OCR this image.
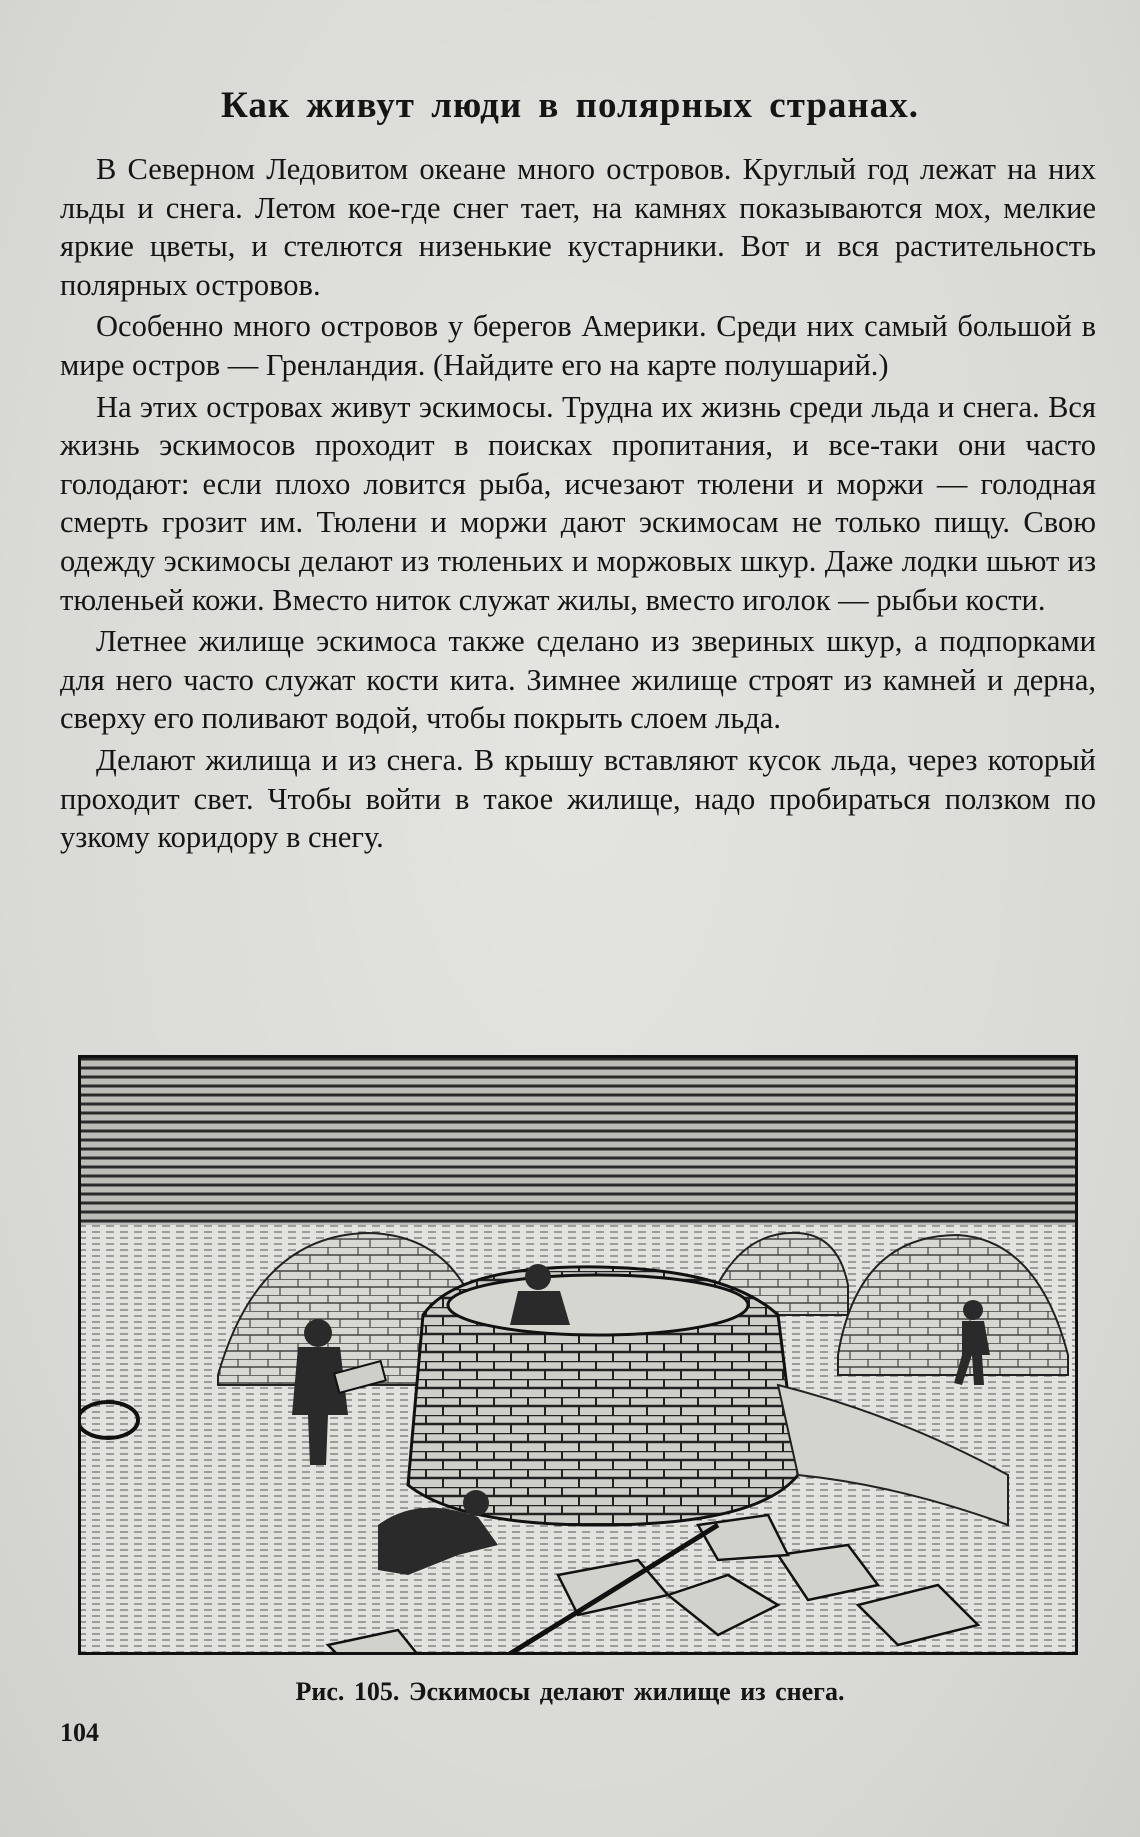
Как живут люди в полярных странах.

В Северном Ледовитом океане много островов. Круглый год лежат на них льды и снега. Летом кое-где снег тает, на камнях показываются мох, мелкие яркие цветы, и стелются низенькие кустарники. Вот и вся растительность полярных островов.

Особенно много островов у берегов Америки. Среди них самый большой в мире остров — Гренландия. (Найдите его на карте полушарий.)

На этих островах живут эскимосы. Трудна их жизнь среди льда и снега. Вся жизнь эскимосов проходит в поисках пропитания, и все-таки они часто голодают: если плохо ловится рыба, исчезают тюлени и моржи — голодная смерть грозит им. Тюлени и моржи дают эскимосам не только пищу. Свою одежду эскимосы делают из тюленьих и моржовых шкур. Даже лодки шьют из тюленьей кожи. Вместо ниток служат жилы, вместо иголок — рыбьи кости.

Летнее жилище эскимоса также сделано из звериных шкур, а подпорками для него часто служат кости кита. Зимнее жилище строят из камней и дерна, сверху его поливают водой, чтобы покрыть слоем льда.

Делают жилища и из снега. В крышу вставляют кусок льда, через который проходит свет. Чтобы войти в такое жилище, надо пробираться ползком по узкому коридору в снегу.

Рис. 105. Эскимосы делают жилище из снега.
104
